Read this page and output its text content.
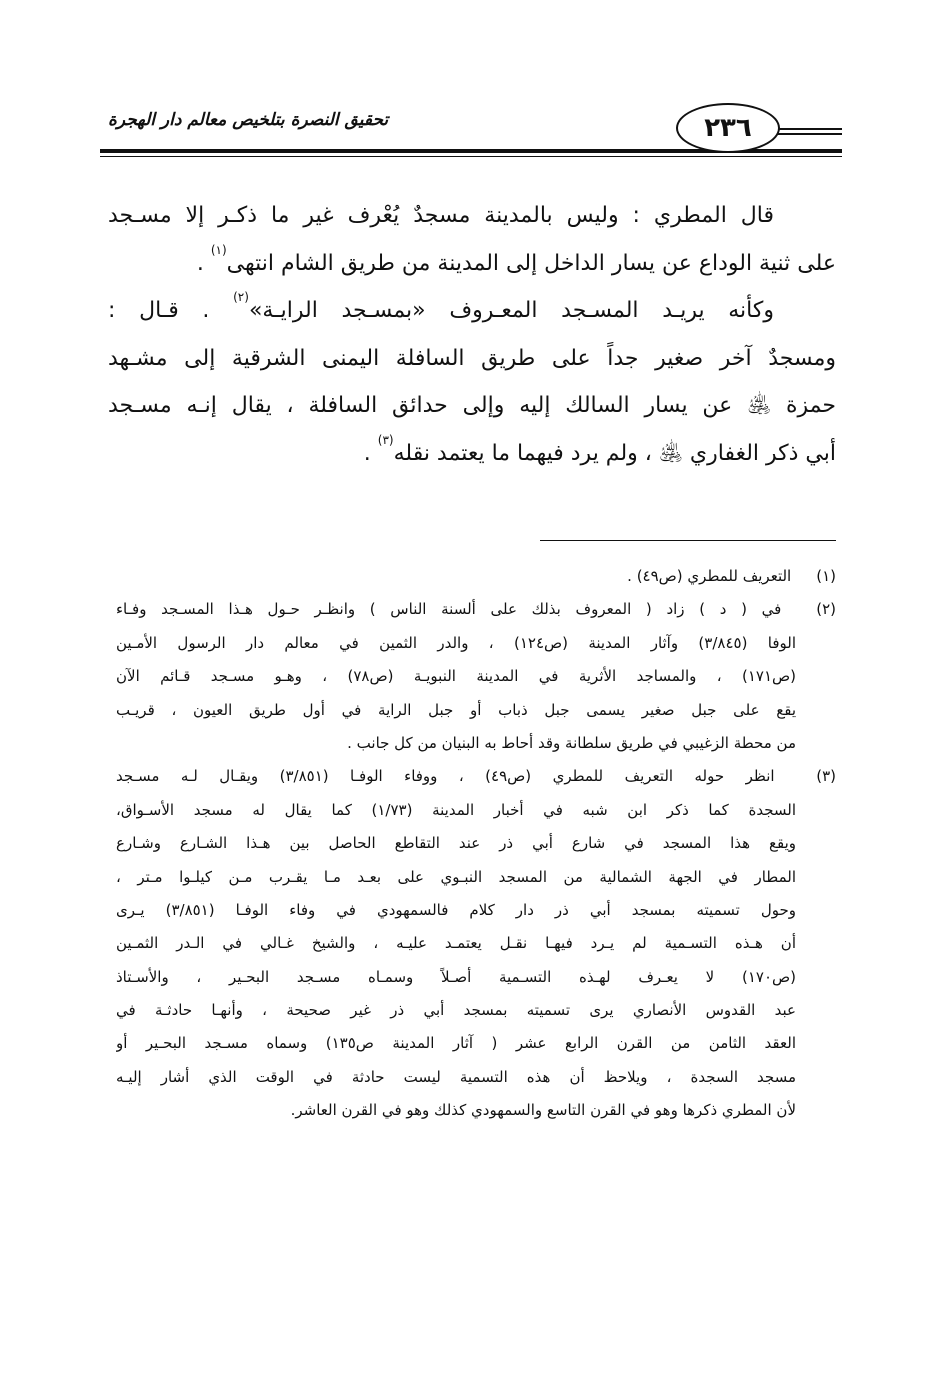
تحقيق النصرة بتلخيص معالم دار الهجرة	٢٣٦
قال المطري : وليس بالمدينة مسجدٌ يُعْرف غير ما ذكـر إلا مسـجد
على ثنية الوداع عن يسار الداخل إلى المدينة من طريق الشام انتهى$^{(١)}$ .
وكأنه يريـد المسـجد المعـروف «بمسـجد الرايـة»$^{(٢)}$ . قـال :
ومسجدٌ آخر صغير جداً على طريق السافلة اليمنى الشرقية إلى مشـهد
حمزة ﵁ عن يسار السالك إليه وإلى حدائق السافلة ، يقال إنـه مسـجد
أبي ذكر الغفاري ﵁ ، ولم يرد فيهما ما يعتمد نقله$^{(٣)}$ .
(١) التعريف للمطري (ص٤٩) .
(٢) في ( د ) زاد ( المعروف بذلك على ألسنة الناس ) وانظـر حـول هـذا المسـجد وفـاء
الوفا (٣/٨٤٥) وآثار المدينة (ص١٢٤) ، والدر الثمين في معالم دار الرسول الأمـين
(ص١٧١) ، والمساجد الأثرية في المدينة النبويـة (ص٧٨) ، وهـو مسـجد قـائم الآن
يقع على جبل صغير يسمى جبل ذباب أو جبل الراية في أول طريق العيون ، قريـب
من محطة الزغيبي في طريق سلطانة وقد أحاط به البنيان من كل جانب .
(٣) انظر حوله التعريف للمطري (ص٤٩) ، ووفاء الوفـا (٣/٨٥١) ويقـال لـه مسـجد
السجدة كما ذكر ابن شبه في أخبار المدينة (١/٧٣) كما يقال له مسجد الأسـواق،
ويقع هذا المسجد في شارع أبي ذر عند التقاطع الحاصل بين هـذا الشـارع وشـارع
المطار في الجهة الشمالية من المسجد النبـوي على بعـد مـا يقـرب مـن كيلـوا مـتر ،
وحول تسميته بمسجد أبي ذر دار كلام فالسمهودي في وفاء الوفـا (٣/٨٥١) يـرى
أن هـذه التسـمية لم يـرد فيهـا نقـل يعتمـد عليـه ، والشيخ غـالي في الـدر الثمـين
(ص١٧٠) لا يعـرف لهـذه التسـمية أصـلاً وسمـاه مسـجد البحـير ، والأسـتاذ
عبد القدوس الأنصاري يرى تسميته بمسجد أبي ذر غير صحيحة ، وأنهـا حادثـة في
العقد الثامن من القرن الرابع عشر ( آثار المدينة ص١٣٥) وسماه مسـجد البحـير أو
مسجد السجدة ، ويلاحظ أن هذه التسمية ليست حادثة في الوقت الذي أشار إليـه
لأن المطري ذكرها وهو في القرن التاسع والسمهودي كذلك وهو في القرن العاشر.
